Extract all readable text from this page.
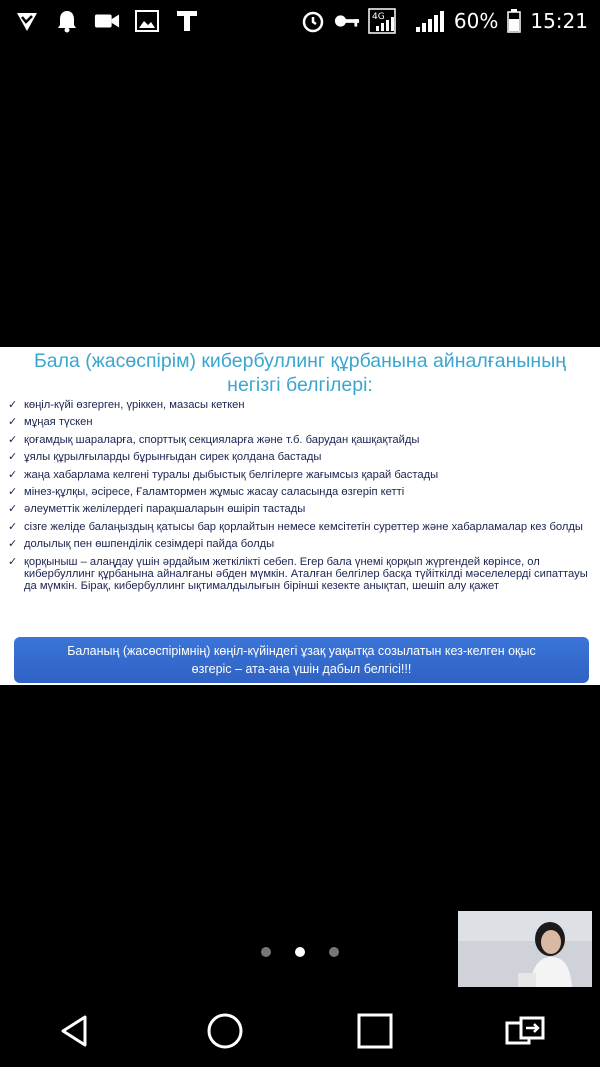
4G	60% 15:21
Бала (жасөспірім) кибербуллинг құрбанына айналғанының
негізгі белгілері:
✓ көңіл-күйі өзгерген, үріккен, мазасы кеткен
✓ мұңая түскен
✓ қоғамдық шараларға, спорттық секцияларға және т.б. барудан қашқақтайды
✓ ұялы құрылғыларды бұрынғыдан сирек қолдана бастады
✓ жаңа хабарлама келгені туралы дыбыстық белгілерге жағымсыз қарай бастады
✓ мінез-құлқы, әсіресе, Ғаламтормен жұмыс жасау саласында өзгеріп кетті
✓ әлеуметтік желілердегі парақшаларын өшіріп тастады
✓ сізге желіде балаңыздың қатысы бар қорлайтын немесе кемсітетін суреттер және хабарламалар кез болды
✓ долылық пен өшпенділік сезімдері пайда болды
✓ қорқыныш – алаңдау үшін әрдайым жеткілікті себеп. Егер бала үнемі қорқып жүргендей көрінсе, ол кибербуллинг құрбанына айналғаны әбден мүмкін. Аталған белгілер басқа түйіткілді мәселелерді сипаттауы да мүмкін. Бірақ, кибербуллинг ықтималдылығын бірінші кезекте анықтап, шешіп алу қажет
Баланың (жасөспірімнің) көңіл-күйіндегі ұзақ уақытқа созылатын кез-келген оқыс
өзгеріс – ата-ана үшін дабыл белгісі!!!
